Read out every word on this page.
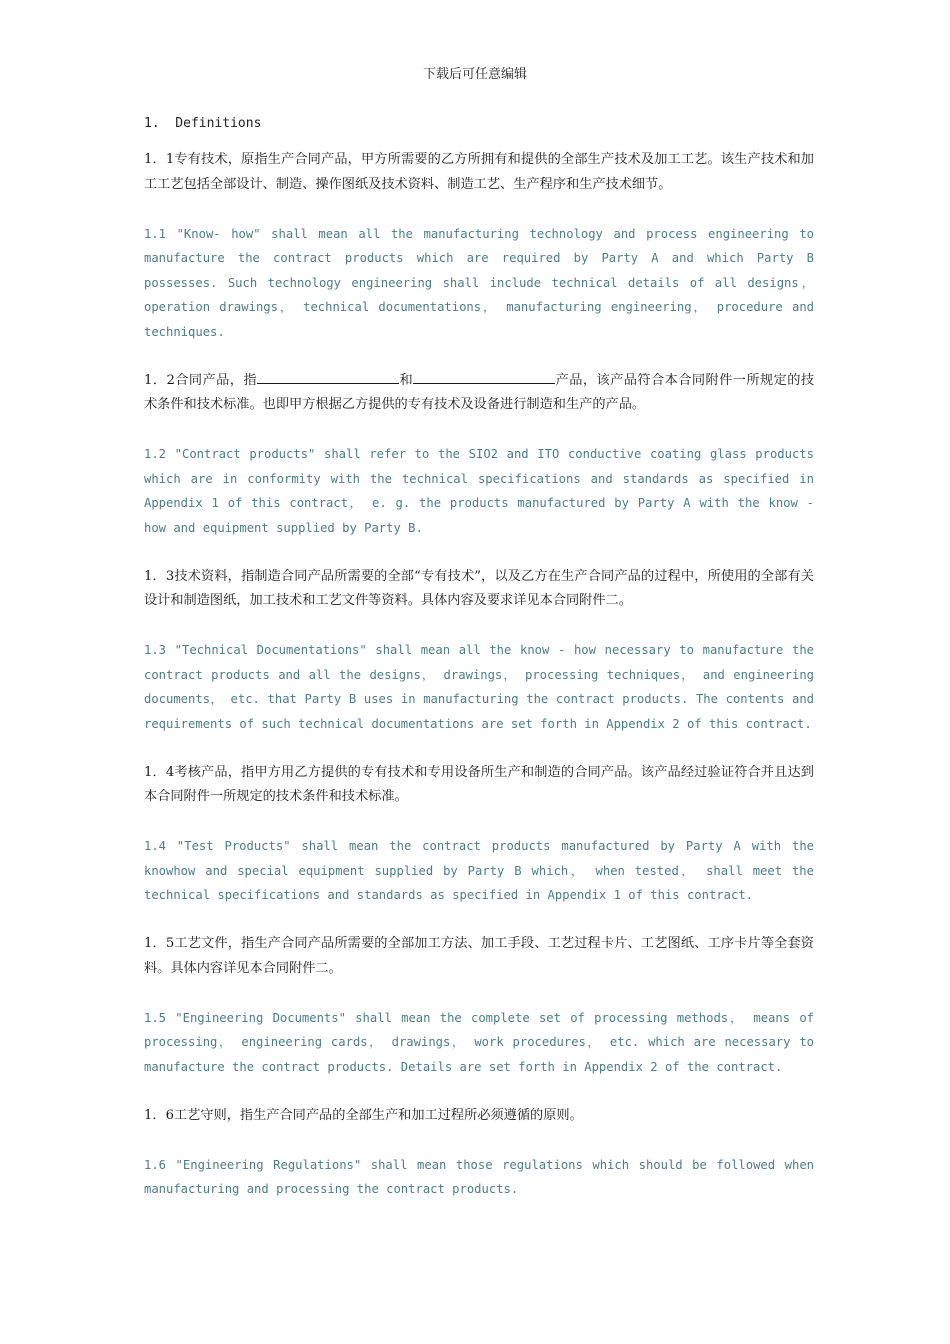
下载后可任意编辑
1.  Definitions

1．1专有技术，原指生产合同产品，甲方所需要的乙方所拥有和提供的全部生产技术及加工工艺。该生产技术和加工工艺包括全部设计、制造、操作图纸及技术资料、制造工艺、生产程序和生产技术细节。

1.1 "Know- how" shall mean all the manufacturing technology and process engineering to manufacture the contract products which are required by Party A and which Party B possesses. Such technology engineering shall include technical details of all designs， operation drawings， technical documentations， manufacturing engineering， procedure and techniques.

1．2合同产品，指	和	产品，该产品符合本合同附件一所规定的技术条件和技术标准。也即甲方根据乙方提供的专有技术及设备进行制造和生产的产品。

1.2 "Contract products" shall refer to the SIO2 and ITO conductive coating glass products which are in conformity with the technical specifications and standards as specified in Appendix 1 of this contract， e. g. the products manufactured by Party A with the know - how and equipment supplied by Party B.

1．3技术资料，指制造合同产品所需要的全部“专有技术”，以及乙方在生产合同产品的过程中，所使用的全部有关设计和制造图纸，加工技术和工艺文件等资料。具体内容及要求详见本合同附件二。

1.3 "Technical Documentations" shall mean all the know - how necessary to manufacture the contract products and all the designs， drawings， processing techniques， and engineering documents， etc. that Party B uses in manufacturing the contract products. The contents and requirements of such technical documentations are set forth in Appendix 2 of this contract.

1．4考核产品，指甲方用乙方提供的专有技术和专用设备所生产和制造的合同产品。该产品经过验证符合并且达到本合同附件一所规定的技术条件和技术标准。

1.4 "Test Products" shall mean the contract products manufactured by Party A with the knowhow and special equipment supplied by Party B which， when tested， shall meet the technical specifications and standards as specified in Appendix 1 of this contract.

1．5工艺文件，指生产合同产品所需要的全部加工方法、加工手段、工艺过程卡片、工艺图纸、工序卡片等全套资料。具体内容详见本合同附件二。

1.5 "Engineering Documents" shall mean the complete set of processing methods， means of processing， engineering cards， drawings， work procedures， etc. which are necessary to manufacture the contract products. Details are set forth in Appendix 2 of the contract.

1．6工艺守则，指生产合同产品的全部生产和加工过程所必须遵循的原则。

1.6 "Engineering Regulations" shall mean those regulations which should be followed when manufacturing and processing the contract products.
